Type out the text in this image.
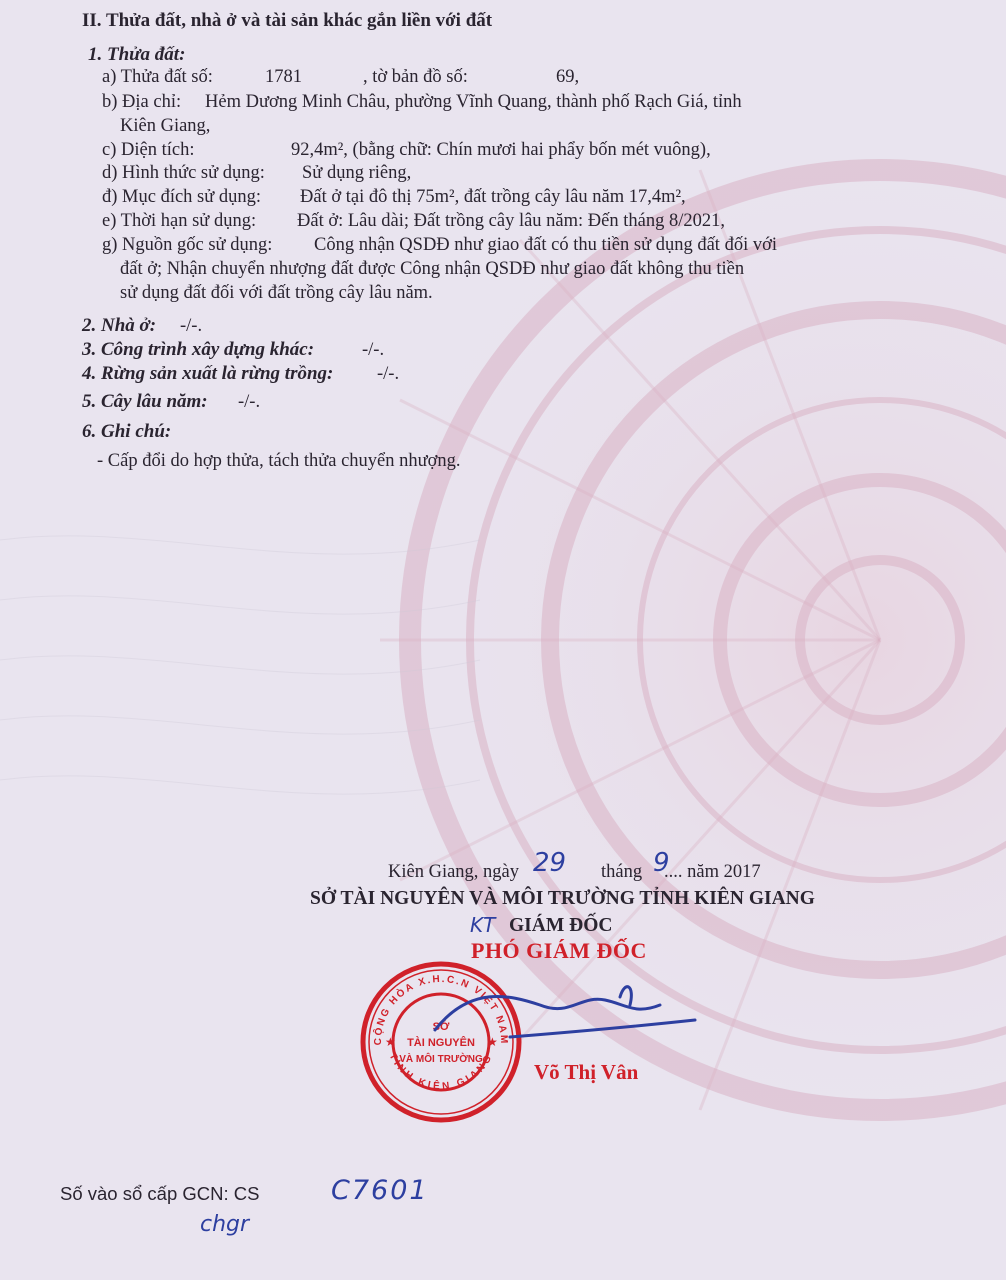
II. Thửa đất, nhà ở và tài sản khác gắn liền với đất
1. Thửa đất:
a) Thửa đất số:	1781	, tờ bản đồ số:	69,
b) Địa chỉ: Hẻm Dương Minh Châu, phường Vĩnh Quang, thành phố Rạch Giá, tỉnh
Kiên Giang,
c) Diện tích:	92,4m², (bằng chữ: Chín mươi hai phẩy bốn mét vuông),
d) Hình thức sử dụng: Sử dụng riêng,
đ) Mục đích sử dụng: Đất ở tại đô thị 75m², đất trồng cây lâu năm 17,4m²,
e) Thời hạn sử dụng: Đất ở: Lâu dài; Đất trồng cây lâu năm: Đến tháng 8/2021,
g) Nguồn gốc sử dụng: Công nhận QSDĐ như giao đất có thu tiền sử dụng đất đối với
đất ở; Nhận chuyển nhượng đất được Công nhận QSDĐ như giao đất không thu tiền
sử dụng đất đối với đất trồng cây lâu năm.
2. Nhà ở: -/-.
3. Công trình xây dựng khác:	-/-.
4. Rừng sản xuất là rừng trồng: -/-.
5. Cây lâu năm: -/-.
6. Ghi chú:
- Cấp đổi do hợp thửa, tách thửa chuyển nhượng.
Kiên Giang, ngày 29 tháng 9
.... năm 2017
SỞ TÀI NGUYÊN VÀ MÔI TRƯỜNG TỈNH KIÊN GIANG
KT GIÁM ĐỐC
PHÓ GIÁM ĐỐC
CỘNG HÒA X.H.C.N VIỆT NAM
TỈNH KIÊN GIANG
★	★
SỞ
TÀI NGUYÊN
VÀ MÔI TRƯỜNG
Võ Thị Vân
Số vào sổ cấp GCN: CS	C7601
chgr
